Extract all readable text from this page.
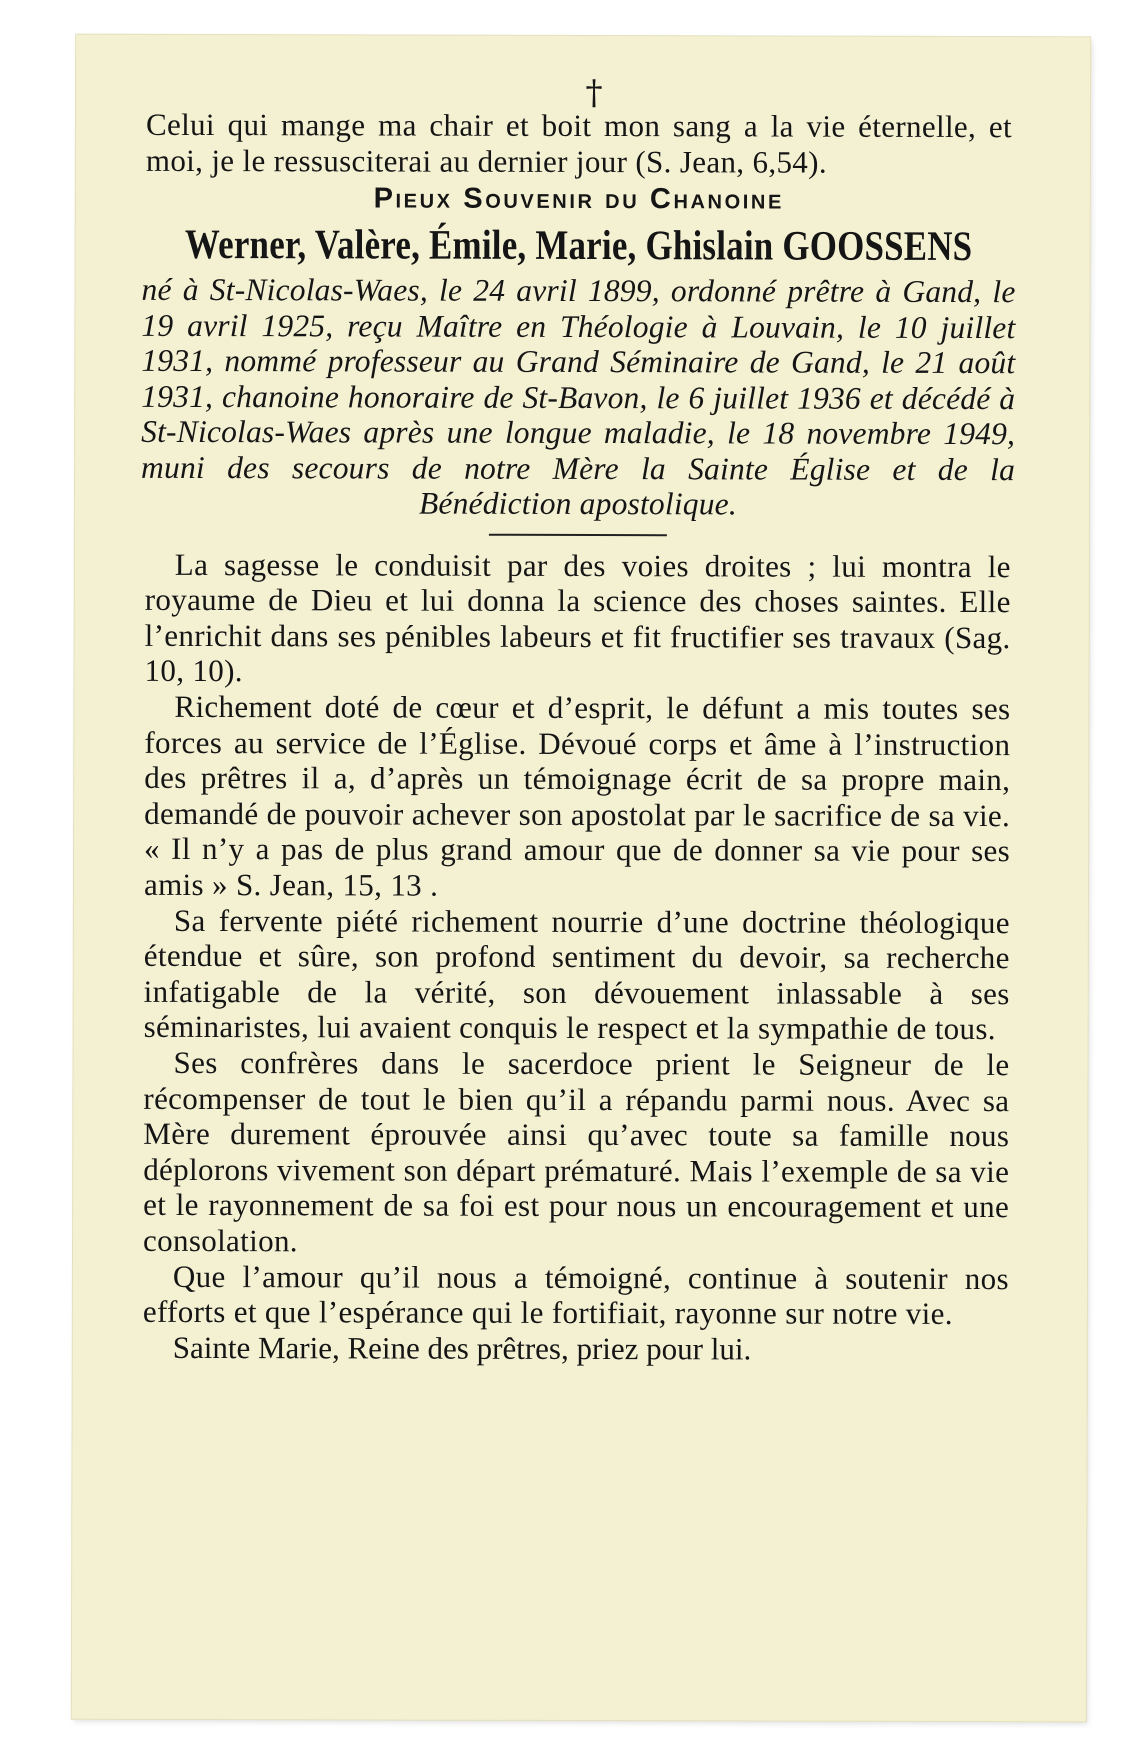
†

Celui qui mange ma chair et boit mon sang a la vie éternelle, et moi, je le ressusciterai au dernier jour (S. Jean, 6,54).

Pieux Souvenir du Chanoine
Werner, Valère, Émile, Marie, Ghislain GOOSSENS

né à St-Nicolas-Waes, le 24 avril 1899, ordonné prêtre à Gand, le 19 avril 1925, reçu Maître en Théologie à Louvain, le 10 juillet 1931, nommé professeur au Grand Séminaire de Gand, le 21 août 1931, chanoine honoraire de St-Bavon, le 6 juillet 1936 et décédé à St-Nicolas-Waes après une longue maladie, le 18 novembre 1949, muni des secours de notre Mère la Sainte Église et de la Bénédiction apostolique.

La sagesse le conduisit par des voies droites ; lui montra le royaume de Dieu et lui donna la science des choses saintes. Elle l’enrichit dans ses pénibles labeurs et fit fructifier ses travaux (Sag. 10, 10).

Richement doté de cœur et d’esprit, le défunt a mis toutes ses forces au service de l’Église. Dévoué corps et âme à l’instruction des prêtres il a, d’après un témoignage écrit de sa propre main, demandé de pouvoir achever son apostolat par le sacrifice de sa vie. « Il n’y a pas de plus grand amour que de donner sa vie pour ses amis » S. Jean, 15, 13 .

Sa fervente piété richement nourrie d’une doctrine théologique étendue et sûre, son profond sentiment du devoir, sa recherche infatigable de la vérité, son dévouement inlassable à ses séminaristes, lui avaient conquis le respect et la sympathie de tous.

Ses confrères dans le sacerdoce prient le Seigneur de le récompenser de tout le bien qu’il a répandu parmi nous. Avec sa Mère durement éprouvée ainsi qu’avec toute sa famille nous déplorons vivement son départ prématuré. Mais l’exemple de sa vie et le rayonnement de sa foi est pour nous un encouragement et une consolation.

Que l’amour qu’il nous a témoigné, continue à soutenir nos efforts et que l’espérance qui le fortifiait, rayonne sur notre vie.

Sainte Marie, Reine des prêtres, priez pour lui.
